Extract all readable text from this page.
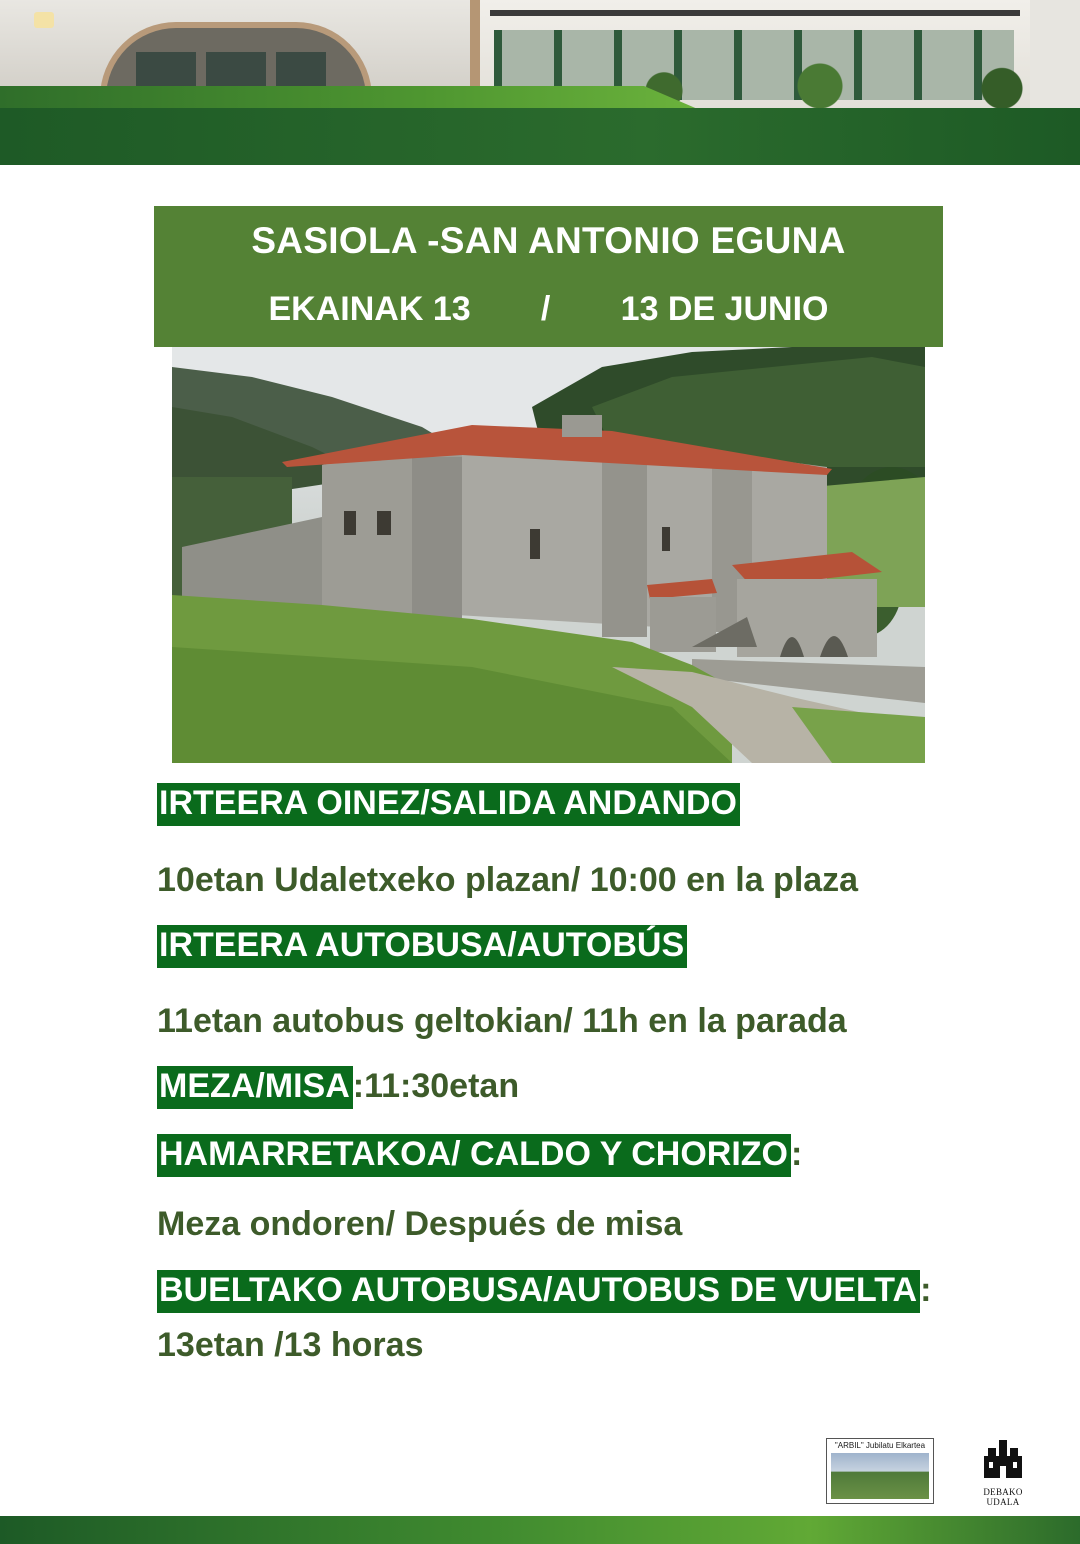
SASIOLA -SAN ANTONIO EGUNA
EKAINAK 13 / 13 DE JUNIO
IRTEERA OINEZ/SALIDA ANDANDO
10etan Udaletxeko plazan/ 10:00 en la plaza
IRTEERA AUTOBUSA/AUTOBÚS
11etan autobus geltokian/ 11h en la parada
MEZA/MISA:11:30etan
HAMARRETAKOA/ CALDO Y CHORIZO:
Meza ondoren/ Después de misa
BUELTAKO AUTOBUSA/AUTOBUS DE VUELTA:
13etan /13 horas
"ARBIL" Jubilatu Elkartea
DEBAKO UDALA
